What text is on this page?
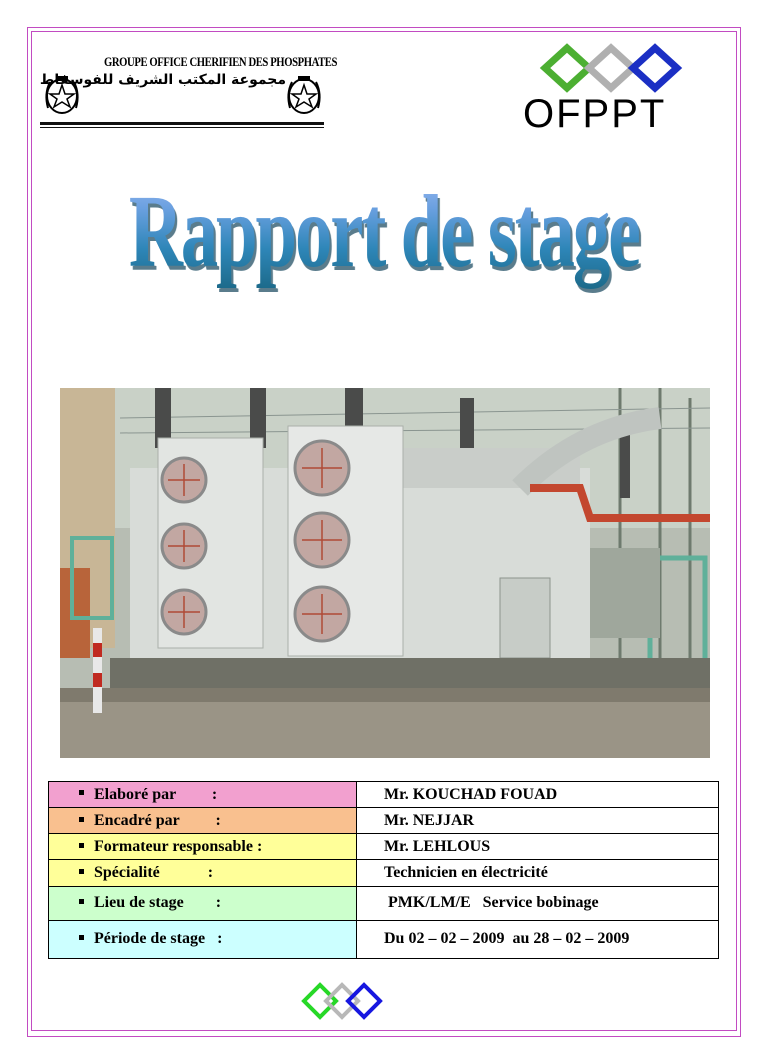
GROUPE OFFICE CHERIFIEN DES PHOSPHATES
مجموعة المكتب الشريف للفوسفاط
OFPPT
Rapport de stage
Elaboré par         :	Mr. KOUCHAD FOUAD
Encadré par         :	Mr. NEJJAR
Formateur responsable :	Mr. LEHLOUS
Spécialité            :	Technicien en électricité
Lieu de stage        :	PMK/LM/E   Service bobinage
Période de stage   :	Du 02 – 02 – 2009  au 28 – 02 – 2009
